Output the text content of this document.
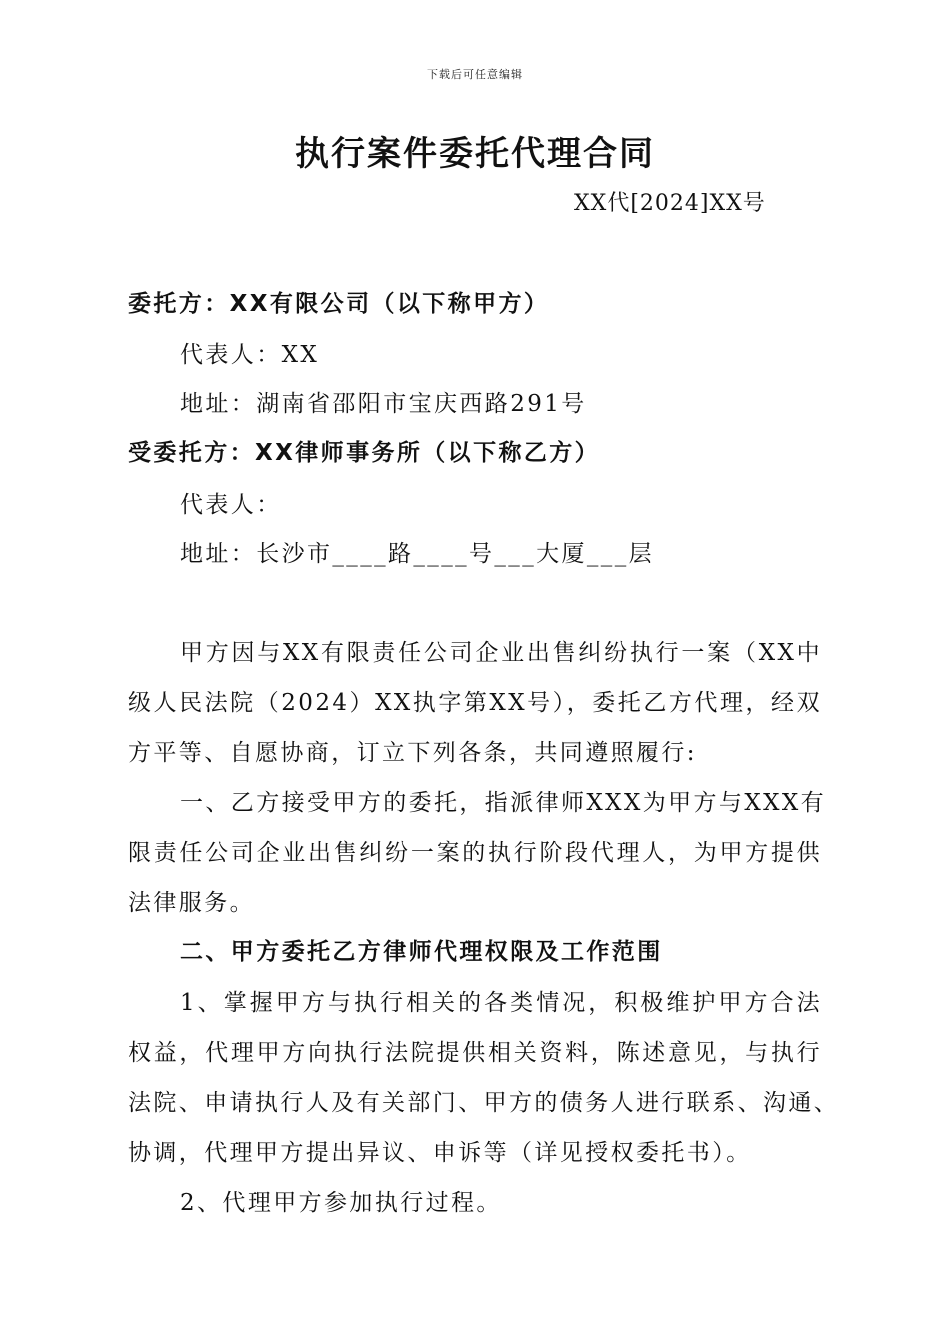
下载后可任意编辑
执行案件委托代理合同
XX代[2024]XX号
委托方：XX有限公司（以下称甲方）
代表人：XX
地址：湖南省邵阳市宝庆西路291号
受委托方：XX律师事务所（以下称乙方）
代表人：
地址：长沙市____路____号___大厦___层
甲方因与XX有限责任公司企业出售纠纷执行一案（XX中
级人民法院（2024）XX执字第XX号），委托乙方代理，经双
方平等、自愿协商，订立下列各条，共同遵照履行:
一、乙方接受甲方的委托，指派律师XXX为甲方与XXX有
限责任公司企业出售纠纷一案的执行阶段代理人，为甲方提供
法律服务。
二、甲方委托乙方律师代理权限及工作范围
1、掌握甲方与执行相关的各类情况，积极维护甲方合法
权益，代理甲方向执行法院提供相关资料，陈述意见，与执行
法院、申请执行人及有关部门、甲方的债务人进行联系、沟通、
协调，代理甲方提出异议、申诉等（详见授权委托书）。
2、代理甲方参加执行过程。
